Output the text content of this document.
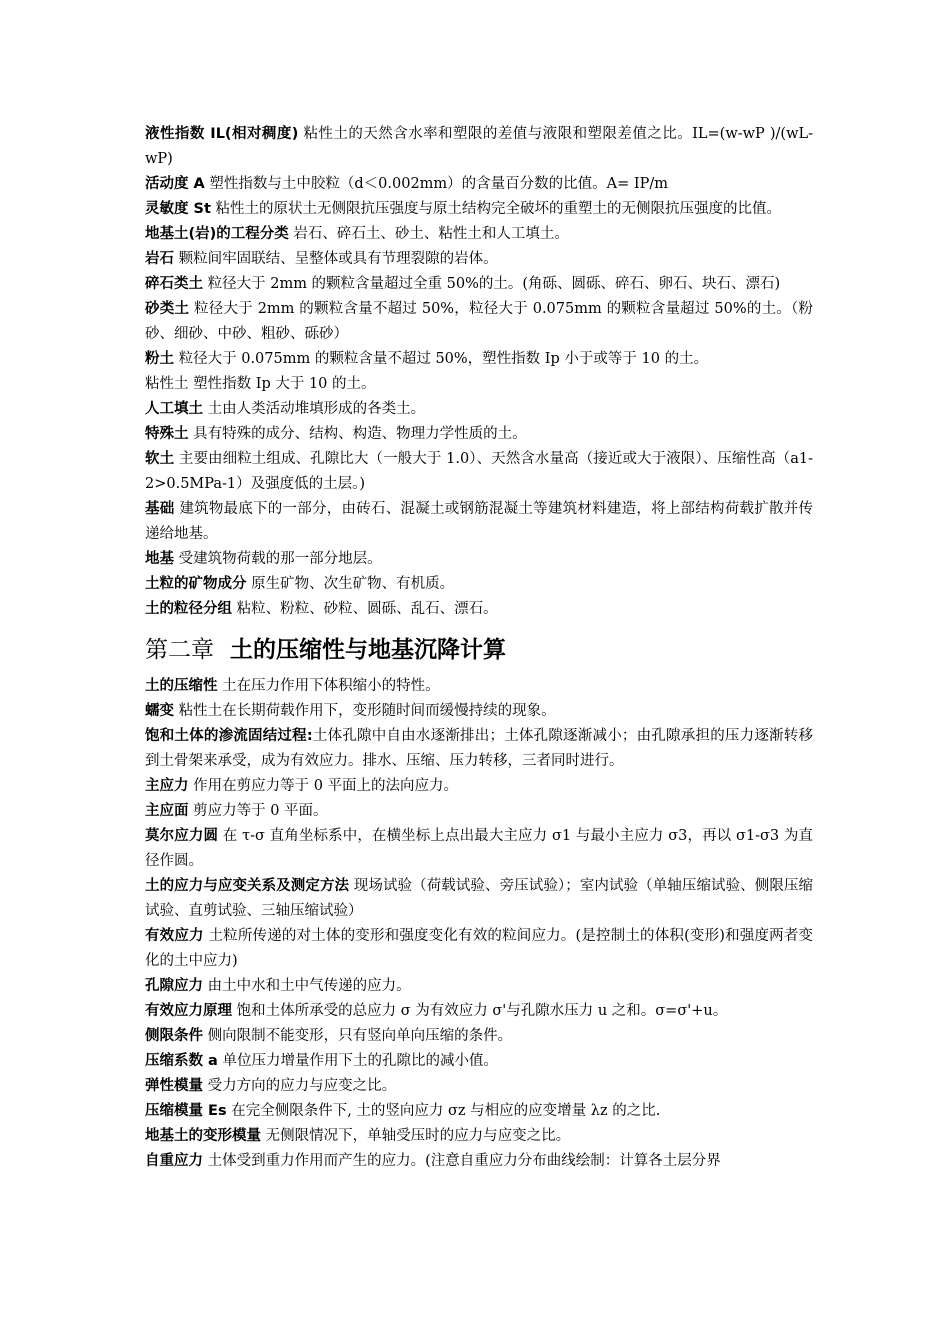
液性指数 IL(相对稠度) 粘性土的天然含水率和塑限的差值与液限和塑限差值之比。IL=(w-wP )/(wL-wP)

活动度 A 塑性指数与土中胶粒（d＜0.002mm）的含量百分数的比值。A= IP/m

灵敏度 St 粘性土的原状土无侧限抗压强度与原土结构完全破坏的重塑土的无侧限抗压强度的比值。

地基土(岩)的工程分类 岩石、碎石土、砂土、粘性土和人工填土。

岩石 颗粒间牢固联结、呈整体或具有节理裂隙的岩体。

碎石类土 粒径大于 2mm 的颗粒含量超过全重 50%的土。(角砾、圆砾、碎石、卵石、块石、漂石)

砂类土 粒径大于 2mm 的颗粒含量不超过 50%，粒径大于 0.075mm 的颗粒含量超过 50%的土。（粉砂、细砂、中砂、粗砂、砾砂）

粉土 粒径大于 0.075mm 的颗粒含量不超过 50%，塑性指数 Ip 小于或等于 10 的土。

粘性土 塑性指数 Ip 大于 10 的土。

人工填土 土由人类活动堆填形成的各类土。

特殊土 具有特殊的成分、结构、构造、物理力学性质的土。

软土 主要由细粒土组成、孔隙比大（一般大于 1.0）、天然含水量高（接近或大于液限）、压缩性高（a1-2>0.5MPa-1）及强度低的土层。)

基础 建筑物最底下的一部分，由砖石、混凝土或钢筋混凝土等建筑材料建造，将上部结构荷载扩散并传递给地基。

地基 受建筑物荷载的那一部分地层。

土粒的矿物成分 原生矿物、次生矿物、有机质。

土的粒径分组 粘粒、粉粒、砂粒、圆砾、乱石、漂石。

第二章 土的压缩性与地基沉降计算

土的压缩性 土在压力作用下体积缩小的特性。

蠕变 粘性土在长期荷载作用下，变形随时间而缓慢持续的现象。

饱和土体的渗流固结过程:土体孔隙中自由水逐渐排出；土体孔隙逐渐减小；由孔隙承担的压力逐渐转移到土骨架来承受，成为有效应力。排水、压缩、压力转移，三者同时进行。

主应力 作用在剪应力等于 0 平面上的法向应力。

主应面 剪应力等于 0 平面。

莫尔应力圆 在 τ-σ 直角坐标系中，在横坐标上点出最大主应力 σ1 与最小主应力 σ3，再以 σ1-σ3 为直径作圆。

土的应力与应变关系及测定方法 现场试验（荷载试验、旁压试验）；室内试验（单轴压缩试验、侧限压缩试验、直剪试验、三轴压缩试验）

有效应力 土粒所传递的对土体的变形和强度变化有效的粒间应力。(是控制土的体积(变形)和强度两者变化的土中应力)

孔隙应力 由土中水和土中气传递的应力。

有效应力原理 饱和土体所承受的总应力 σ 为有效应力 σ'与孔隙水压力 u 之和。σ=σ'+u。

侧限条件 侧向限制不能变形，只有竖向单向压缩的条件。

压缩系数 a 单位压力增量作用下土的孔隙比的减小值。

弹性模量 受力方向的应力与应变之比。

压缩模量 Es 在完全侧限条件下, 土的竖向应力 σz 与相应的应变增量 λz 的之比.

地基土的变形模量 无侧限情况下，单轴受压时的应力与应变之比。

自重应力 土体受到重力作用而产生的应力。(注意自重应力分布曲线绘制：计算各土层分界
